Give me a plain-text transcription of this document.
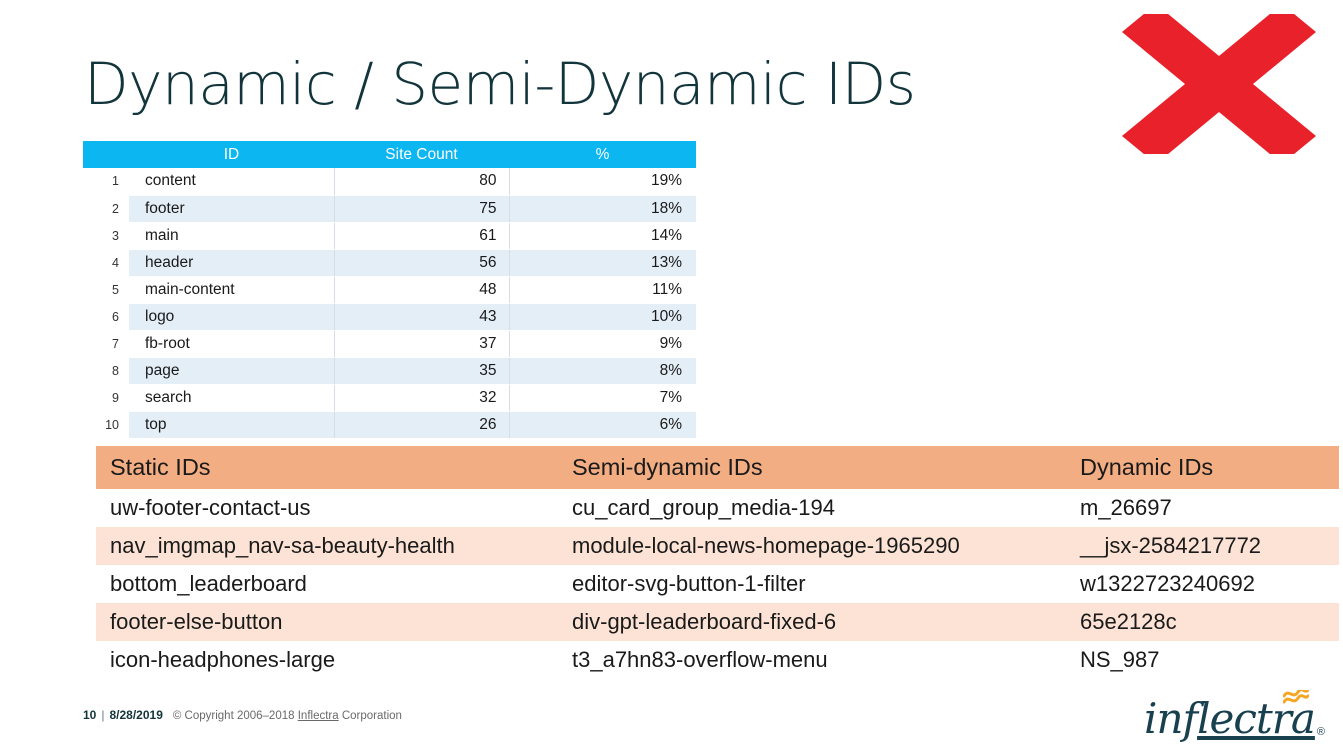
Dynamic / Semi-Dynamic IDs
	ID	Site Count	%
1	content	80	19%
2	footer	75	18%
3	main	61	14%
4	header	56	13%
5	main-content	48	11%
6	logo	43	10%
7	fb-root	37	9%
8	page	35	8%
9	search	32	7%
10	top	26	6%
Static IDs	Semi-dynamic IDs	Dynamic IDs
uw-footer-contact-us	cu_card_group_media-194	m_26697
nav_imgmap_nav-sa-beauty-health	module-local-news-homepage-1965290	__jsx-2584217772
bottom_leaderboard	editor-svg-button-1-filter	w1322723240692
footer-else-button	div-gpt-leaderboard-fixed-6	65e2128c
icon-headphones-large	t3_a7hn83-overflow-menu	NS_987
10 | 8/28/2019 © Copyright 2006–2018 Inflectra Corporation	inflectra ®
